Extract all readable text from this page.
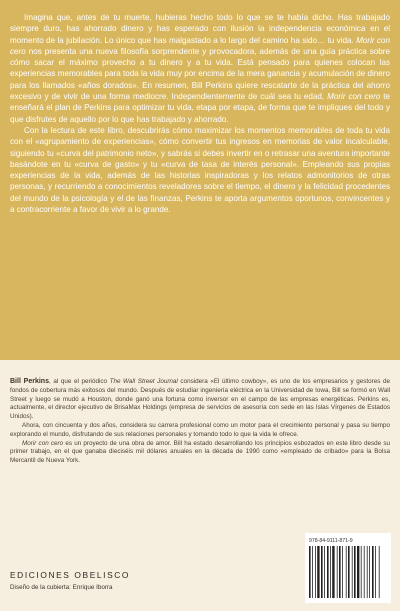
Imagina que, antes de tu muerte, hubieras hecho todo lo que se te había dicho. Has trabajado siempre duro, has ahorrado dinero y has esperado con ilusión la independencia económica en el momento de la jubilación. Lo único que has malgastado a lo largo del camino ha sido… tu vida. Morir con cero nos presenta una nueva filosofía sorprendente y provocadora, además de una guía práctica sobre cómo sacar el máximo provecho a tu dinero y a tu vida. Está pensado para quienes colocan las experiencias memorables para toda la vida muy por encima de la mera ganancia y acumulación de dinero para los llamados «años dorados». En resumen, Bill Perkins quiere rescatarte de la práctica del ahorro excesivo y de vivir de una forma mediocre. Independientemente de cuál sea tu edad, Morir con cero te enseñará el plan de Perkins para optimizar tu vida, etapa por etapa, de forma que te impliques del todo y que disfrutes de aquello por lo que has trabajado y ahorrado.

Con la lectura de este libro, descubrirás cómo maximizar los momentos memorables de toda tu vida con el «agrupamiento de experiencias», cómo convertir tus ingresos en memorias de valor incalculable, siguiendo tu «curva del patrimonio neto», y sabrás si debes invertir en o retrasar una aventura importante basándote en tu «curva de gasto» y tu «curva de tasa de interés personal». Empleando sus propias experiencias de la vida, además de las historias inspiradoras y los relatos admonitorios de otras personas, y recurriendo a conocimientos reveladores sobre el tiempo, el dinero y la felicidad procedentes del mundo de la psicología y el de las finanzas, Perkins te aporta argumentos oportunos, convincentes y a contracorriente a favor de vivir a lo grande.

Bill Perkins, al que el periódico The Wall Street Journal considera «El último cowboy», es uno de los empresarios y gestores de fondos de cobertura más exitosos del mundo. Después de estudiar ingeniería eléctrica en la Universidad de Iowa, Bill se formó en Wall Street y luego se mudó a Houston, donde ganó una fortuna como inversor en el campo de las empresas energéticas. Perkins es, actualmente, el director ejecutivo de BrisaMax Holdings (empresa de servicios de asesoría con sede en las Islas Vírgenes de Estados Unidos).

Ahora, con cincuenta y dos años, considera su carrera profesional como un motor para el crecimiento personal y pasa su tiempo explorando el mundo, disfrutando de sus relaciones personales y tomando todo lo que la vida le ofrece.

Morir con cero es un proyecto de una obra de amor. Bill ha estado desarrollando los principios esbozados en este libro desde su primer trabajo, en el que ganaba dieciséis mil dólares anuales en la década de 1990 como «empleado de cribado» para la Bolsa Mercantil de Nueva York.

EDICIONES OBELISCO
Diseño de la cubierta: Enrique Iborra
978-84-9111-871-9
